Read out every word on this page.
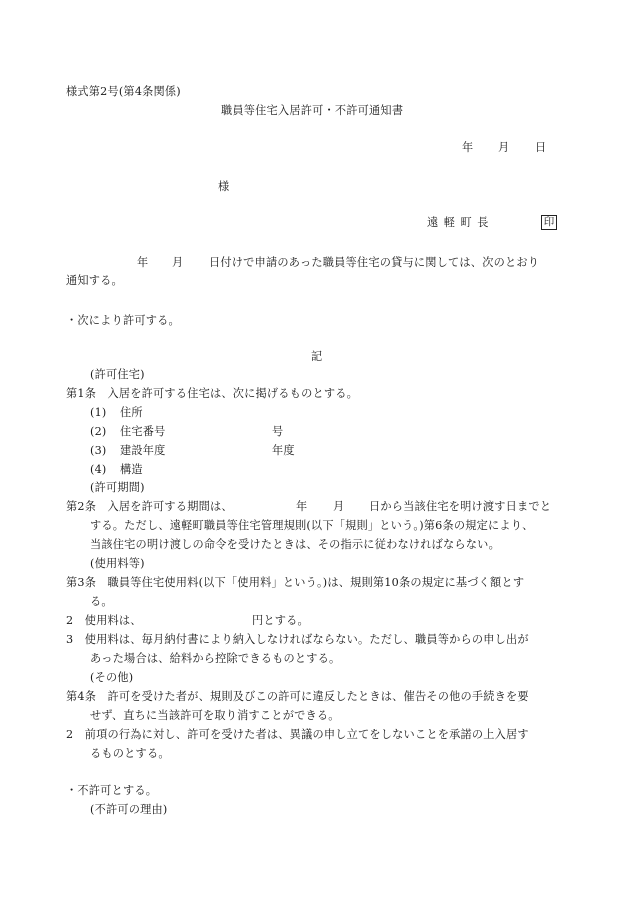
様式第2号(第4条関係)
職員等住宅入居許可・不許可通知書
年 月 日
様
遠 軽 町 長	印
年 月 日付けで申請のあった職員等住宅の貸与に関しては、次のとおり
通知する。
・次により許可する。
記
(許可住宅)
第1条　入居を許可する住宅は、次に掲げるものとする。
(1) 住所
(2) 住宅番号	号
(3) 建設年度	年度
(4) 構造
(許可期間)
第2条　入居を許可する期間は、	年 月 日から当該住宅を明け渡す日までと
する。ただし、遠軽町職員等住宅管理規則(以下「規則」という。)第6条の規定により、
当該住宅の明け渡しの命令を受けたときは、その指示に従わなければならない。
(使用料等)
第3条　職員等住宅使用料(以下「使用料」という。)は、規則第10条の規定に基づく額とす
る。
2　使用料は、	円とする。
3　使用料は、毎月納付書により納入しなければならない。ただし、職員等からの申し出が
あった場合は、給料から控除できるものとする。
(その他)
第4条　許可を受けた者が、規則及びこの許可に違反したときは、催告その他の手続きを要
せず、直ちに当該許可を取り消すことができる。
2　前項の行為に対し、許可を受けた者は、異議の申し立てをしないことを承諾の上入居す
るものとする。
・不許可とする。
(不許可の理由)
